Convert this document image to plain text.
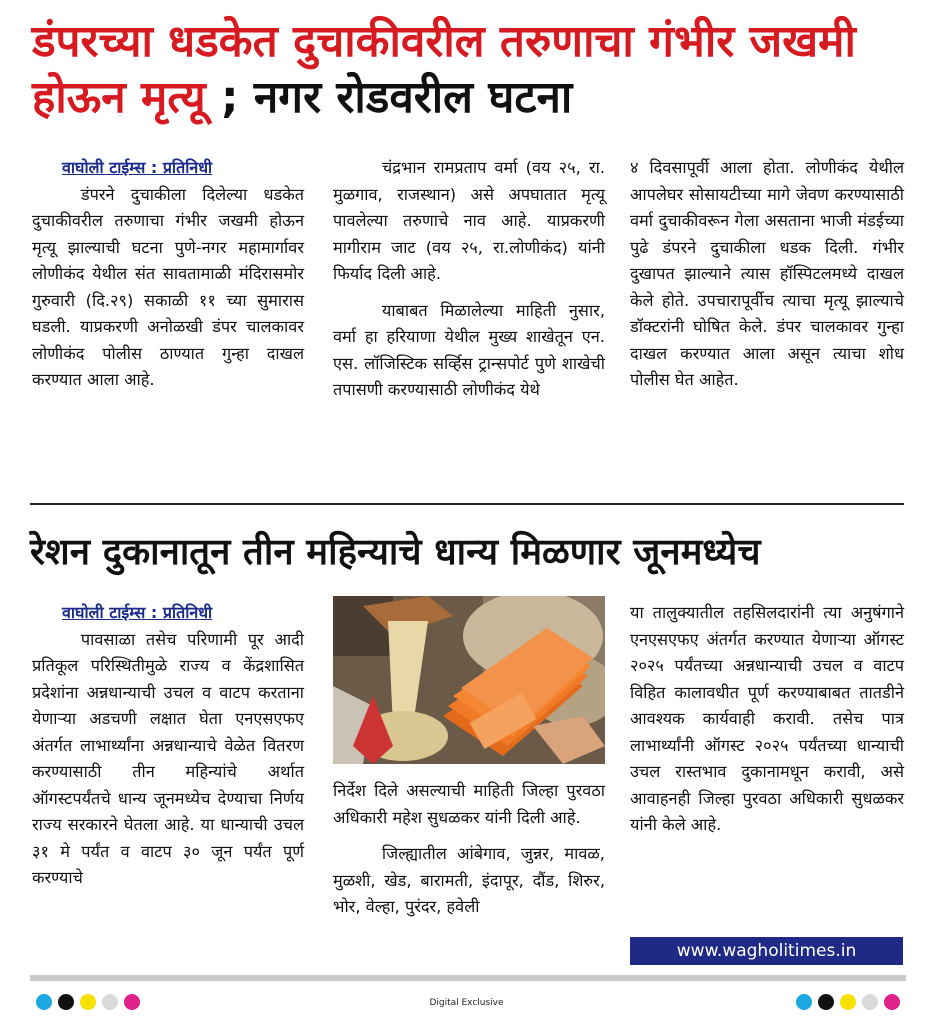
डंपरच्या धडकेत दुचाकीवरील तरुणाचा गंभीर जखमी होऊन मृत्यू ; नगर रोडवरील घटना
वाघोली टाईम्स : प्रतिनिधी

डंपरने दुचाकीला दिलेल्या धडकेत दुचाकीवरील तरुणाचा गंभीर जखमी होऊन मृत्यू झाल्याची घटना पुणे-नगर महामार्गावर लोणीकंद येथील संत सावतामाळी मंदिरासमोर गुरुवारी (दि.२९) सकाळी ११ च्या सुमारास घडली. याप्रकरणी अनोळखी डंपर चालकावर लोणीकंद पोलीस ठाण्यात गुन्हा दाखल करण्यात आला आहे.

चंद्रभान रामप्रताप वर्मा (वय २५, रा. मुळगाव, राजस्थान) असे अपघातात मृत्यू पावलेल्या तरुणाचे नाव आहे. याप्रकरणी मागीराम जाट (वय २५, रा.लोणीकंद) यांनी फिर्याद दिली आहे.

याबाबत मिळालेल्या माहिती नुसार, वर्मा हा हरियाणा येथील मुख्य शाखेतून एन. एस. लॉजिस्टिक सर्व्हिस ट्रान्सपोर्ट पुणे शाखेची तपासणी करण्यासाठी लोणीकंद येथे

४ दिवसापूर्वी आला होता. लोणीकंद येथील आपलेघर सोसायटीच्या मागे जेवण करण्यासाठी वर्मा दुचाकीवरून गेला असताना भाजी मंडईच्या पुढे डंपरने दुचाकीला धडक दिली. गंभीर दुखापत झाल्याने त्यास हॉस्पिटलमध्ये दाखल केले होते. उपचारापूर्वीच त्याचा मृत्यू झाल्याचे डॉक्टरांनी घोषित केले. डंपर चालकावर गुन्हा दाखल करण्यात आला असून त्याचा शोध पोलीस घेत आहेत.

रेशन दुकानातून तीन महिन्याचे धान्य मिळणार जूनमध्येच
वाघोली टाईम्स : प्रतिनिधी

पावसाळा तसेच परिणामी पूर आदी प्रतिकूल परिस्थितीमुळे राज्य व केंद्रशासित प्रदेशांना अन्नधान्याची उचल व वाटप करताना येणाऱ्या अडचणी लक्षात घेता एनएसएफए अंतर्गत लाभार्थ्यांना अन्नधान्याचे वेळेत वितरण करण्यासाठी तीन महिन्यांचे अर्थात ऑगस्टपर्यंतचे धान्य जूनमध्येच देण्याचा निर्णय राज्य सरकारने घेतला आहे. या धान्याची उचल ३१ मे पर्यंत व वाटप ३० जून पर्यंत पूर्ण करण्याचे

निर्देश दिले असल्याची माहिती जिल्हा पुरवठा अधिकारी महेश सुधळकर यांनी दिली आहे.

जिल्ह्यातील आंबेगाव, जुन्नर, मावळ, मुळशी, खेड, बारामती, इंदापूर, दौंड, शिरुर, भोर, वेल्हा, पुरंदर, हवेली

या तालुक्यातील तहसिलदारांनी त्या अनुषंगाने एनएसएफए अंतर्गत करण्यात येणाऱ्या ऑगस्ट २०२५ पर्यंतच्या अन्नधान्याची उचल व वाटप विहित कालावधीत पूर्ण करण्याबाबत तातडीने आवश्यक कार्यवाही करावी. तसेच पात्र लाभार्थ्यांनी ऑगस्ट २०२५ पर्यंतच्या धान्याची उचल रास्तभाव दुकानामधून करावी, असे आवाहनही जिल्हा पुरवठा अधिकारी सुधळकर यांनी केले आहे.

www.wagholitimes.in
Digital Exclusive
